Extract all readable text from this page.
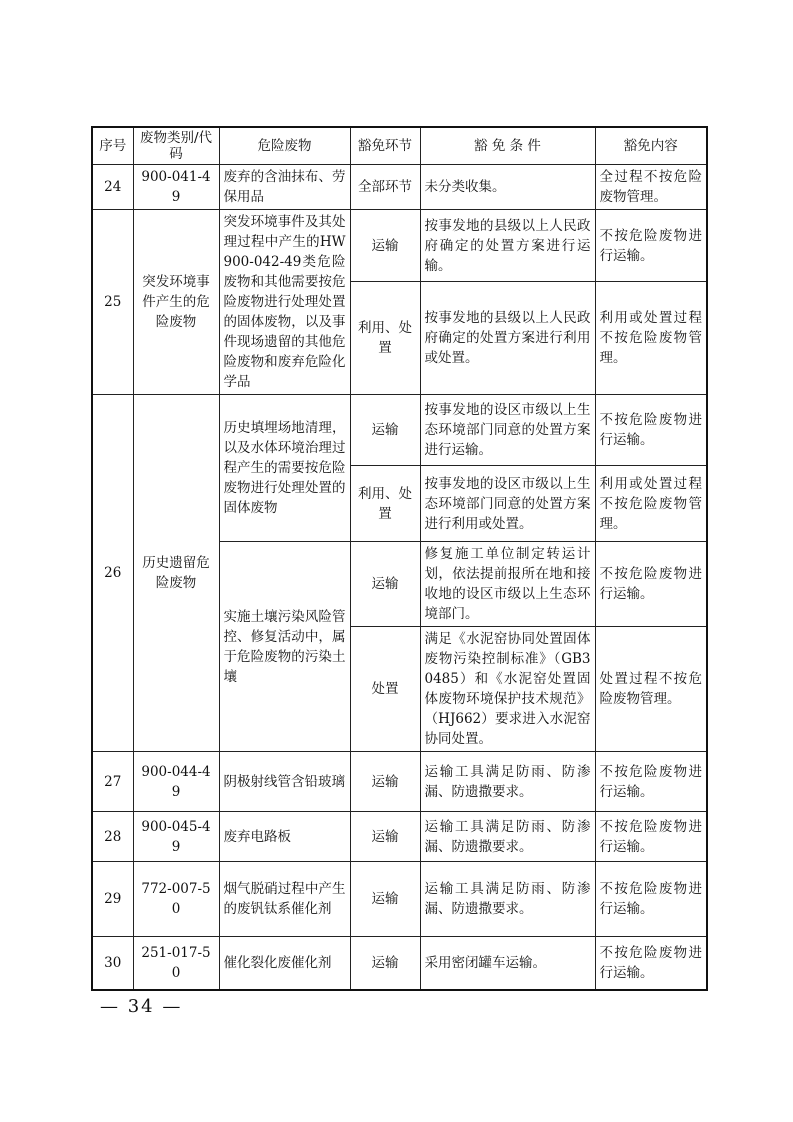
序号	废物类别/代码	危险废物	豁免环节	豁 免 条 件	豁免内容
24	900-041-49	废弃的含油抹布、劳保用品	全部环节	未分类收集。	全过程不按危险废物管理。
25	突发环境事件产生的危险废物	突发环境事件及其处理过程中产生的HW900-042-49类危险废物和其他需要按危险废物进行处理处置的固体废物，以及事件现场遗留的其他危险废物和废弃危险化学品	运输	按事发地的县级以上人民政府确定的处置方案进行运输。	不按危险废物进行运输。
			利用、处置	按事发地的县级以上人民政府确定的处置方案进行利用或处置。	利用或处置过程不按危险废物管理。
26	历史遗留危险废物	历史填埋场地清理，以及水体环境治理过程产生的需要按危险废物进行处理处置的固体废物	运输	按事发地的设区市级以上生态环境部门同意的处置方案进行运输。	不按危险废物进行运输。
			利用、处置	按事发地的设区市级以上生态环境部门同意的处置方案进行利用或处置。	利用或处置过程不按危险废物管理。
		实施土壤污染风险管控、修复活动中，属于危险废物的污染土壤	运输	修复施工单位制定转运计划，依法提前报所在地和接收地的设区市级以上生态环境部门。	不按危险废物进行运输。
			处置	满足《水泥窑协同处置固体废物污染控制标准》（GB30485）和《水泥窑处置固体废物环境保护技术规范》（HJ662）要求进入水泥窑协同处置。	处置过程不按危险废物管理。
27	900-044-49	阴极射线管含铅玻璃	运输	运输工具满足防雨、防渗漏、防遗撒要求。	不按危险废物进行运输。
28	900-045-49	废弃电路板	运输	运输工具满足防雨、防渗漏、防遗撒要求。	不按危险废物进行运输。
29	772-007-50	烟气脱硝过程中产生的废钒钛系催化剂	运输	运输工具满足防雨、防渗漏、防遗撒要求。	不按危险废物进行运输。
30	251-017-50	催化裂化废催化剂	运输	采用密闭罐车运输。	不按危险废物进行运输。
— 34 —
